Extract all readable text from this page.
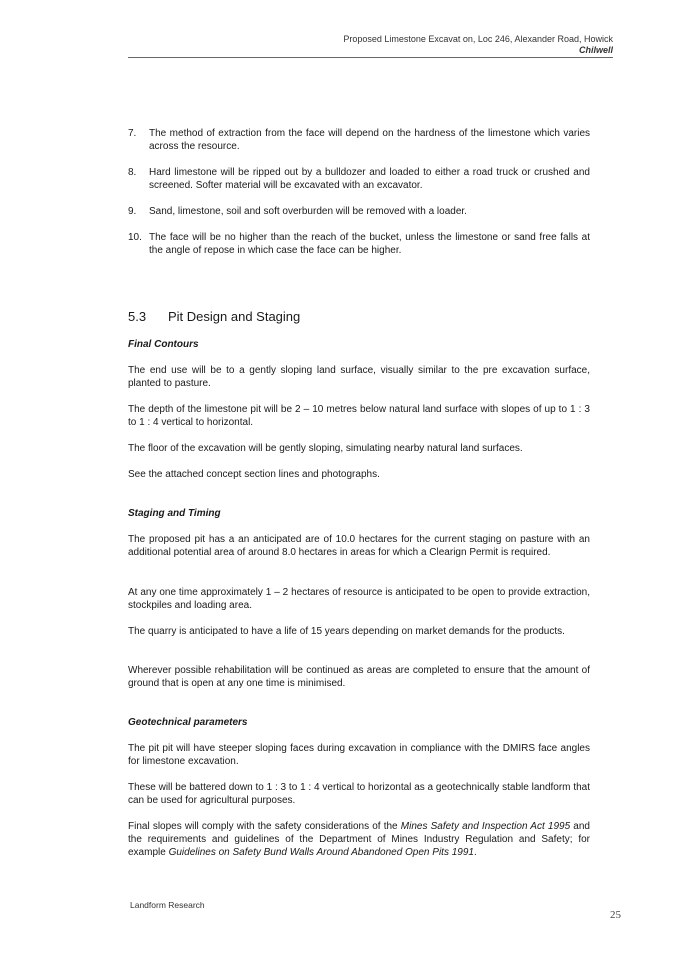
Proposed Limestone Excavat on, Loc 246, Alexander Road, Howick
Chilwell
7. The method of extraction from the face will depend on the hardness of the limestone which varies across the resource.
8. Hard limestone will be ripped out by a bulldozer and loaded to either a road truck or crushed and screened. Softer material will be excavated with an excavator.
9. Sand, limestone, soil and soft overburden will be removed with a loader.
10. The face will be no higher than the reach of the bucket, unless the limestone or sand free falls at the angle of repose in which case the face can be higher.
5.3 Pit Design and Staging
Final Contours

The end use will be to a gently sloping land surface, visually similar to the pre excavation surface, planted to pasture.

The depth of the limestone pit will be 2 – 10 metres below natural land surface with slopes of up to 1 : 3 to 1 : 4 vertical to horizontal.

The floor of the excavation will be gently sloping, simulating nearby natural land surfaces.

See the attached concept section lines and photographs.

Staging and Timing

The proposed pit has a an anticipated are of 10.0 hectares for the current staging on pasture with an additional potential area of around 8.0 hectares in areas for which a Clearign Permit is required.

At any one time approximately 1 – 2 hectares of resource is anticipated to be open to provide extraction, stockpiles and loading area.

The quarry is anticipated to have a life of 15 years depending on market demands for the products.

Wherever possible rehabilitation will be continued as areas are completed to ensure that the amount of ground that is open at any one time is minimised.

Geotechnical parameters

The pit pit will have steeper sloping faces during excavation in compliance with the DMIRS face angles for limestone excavation.

These will be battered down to 1 : 3 to 1 : 4 vertical to horizontal as a geotechnically stable landform that can be used for agricultural purposes.

Final slopes will comply with the safety considerations of the Mines Safety and Inspection Act 1995 and the requirements and guidelines of the Department of Mines Industry Regulation and Safety; for example Guidelines on Safety Bund Walls Around Abandoned Open Pits 1991.

Landform Research
25
